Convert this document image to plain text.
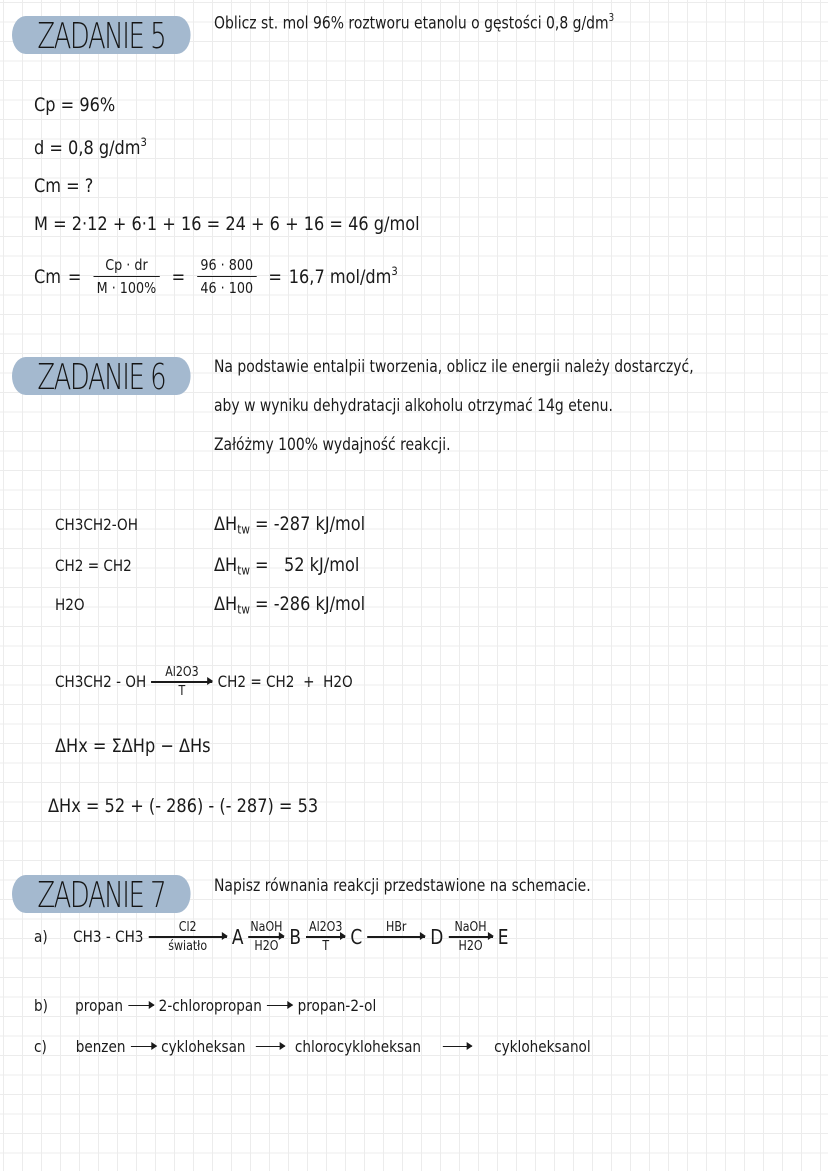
ZADANIE 5	Oblicz st. mol 96% roztworu etanolu o gęstości 0,8 $g/dm^3$
Cp = 96%
d = 0,8 $g/dm^3$
Cm = ?
M = 2·12 + 6·1 + 16 = 24 + 6 + 16 = 46 g/mol
$Cm = \frac{Cp \cdot dr}{M \cdot 100\%} = \frac{96 \cdot 800}{46 \cdot 100} = 16,7$ mol/$dm^3$
ZADANIE 6	Na podstawie entalpii tworzenia, oblicz ile energii należy dostarczyć,
aby w wyniku dehydratacji alkoholu otrzymać 14g etenu.
Załóżmy 100% wydajność reakcji.
CH3CH2-OH	$\Delta H_{tw} = -287$ kJ/mol
CH2 = CH2	$\Delta H_{tw} = 52$ kJ/mol
H2O	$\Delta H_{tw} = -286$ kJ/mol
CH3CH2 - OH Al2O3
T CH2 = CH2  +  H2O
ΔHx = ΣΔHp − ΔHs
ΔHx = 52 + (- 286) - (- 287) = 53
ZADANIE 7	Napisz równania reakcji przedstawione na schemacie.
a) CH3 - CH3	Cl2
światło A NaOH
H2O B Al2O3
T C HBr D NaOH
H2O E
b) propan 2-chloropropan propan-2-ol
c) benzen cykloheksan	chlorocykloheksan	cykloheksanol
